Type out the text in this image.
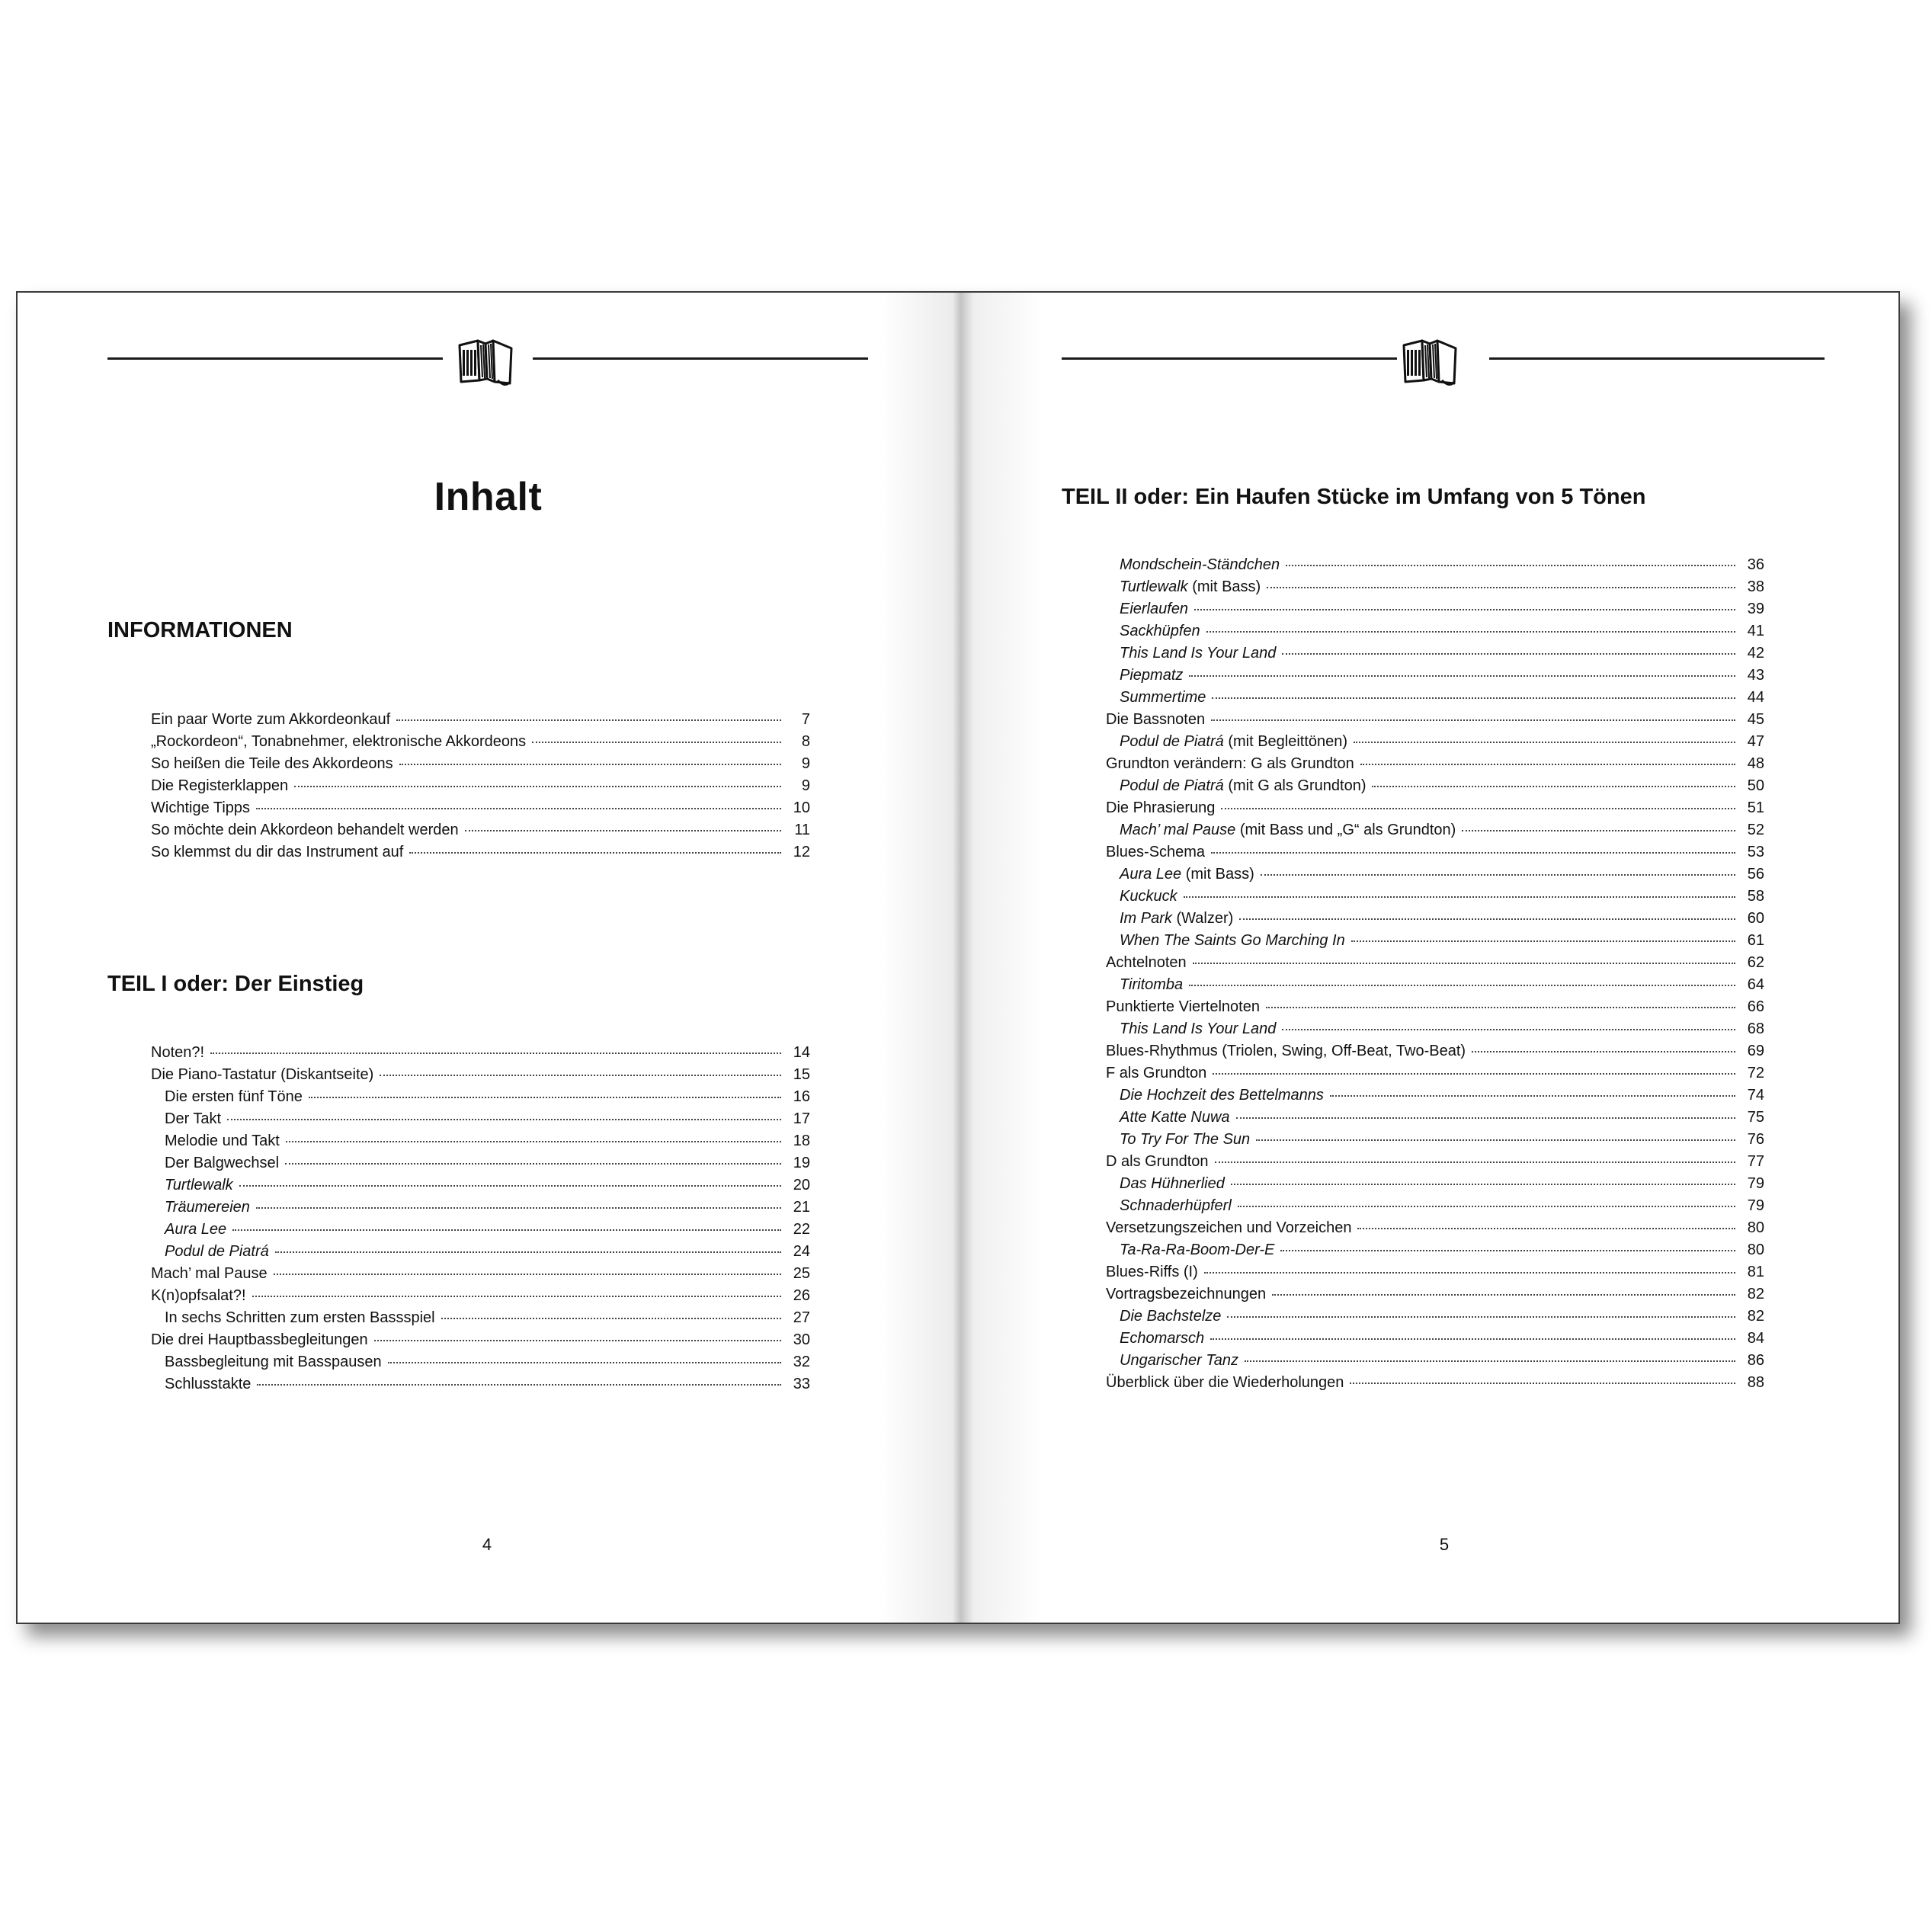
Inhalt
INFORMATIONEN
Ein paar Worte zum Akkordeonkauf	7
„Rockordeon“, Tonabnehmer, elektronische Akkordeons	8
So heißen die Teile des Akkordeons	9
Die Registerklappen	9
Wichtige Tipps	10
So möchte dein Akkordeon behandelt werden	11
So klemmst du dir das Instrument auf	12
TEIL I oder: Der Einstieg
Noten?!	14
Die Piano-Tastatur (Diskantseite)	15
Die ersten fünf Töne	16
Der Takt	17
Melodie und Takt	18
Der Balgwechsel	19
Turtlewalk	20
Träumereien	21
Aura Lee	22
Podul de Piatrá	24
Mach’ mal Pause	25
K(n)opfsalat?!	26
In sechs Schritten zum ersten Bassspiel	27
Die drei Hauptbassbegleitungen	30
Bassbegleitung mit Basspausen	32
Schlusstakte	33
4
TEIL II oder: Ein Haufen Stücke im Umfang von 5 Tönen
Mondschein-Ständchen	36
Turtlewalk (mit Bass)	38
Eierlaufen	39
Sackhüpfen	41
This Land Is Your Land	42
Piepmatz	43
Summertime	44
Die Bassnoten	45
Podul de Piatrá (mit Begleittönen)	47
Grundton verändern: G als Grundton	48
Podul de Piatrá (mit G als Grundton)	50
Die Phrasierung	51
Mach’ mal Pause (mit Bass und „G“ als Grundton)	52
Blues-Schema	53
Aura Lee (mit Bass)	56
Kuckuck	58
Im Park (Walzer)	60
When The Saints Go Marching In	61
Achtelnoten	62
Tiritomba	64
Punktierte Viertelnoten	66
This Land Is Your Land	68
Blues-Rhythmus (Triolen, Swing, Off-Beat, Two-Beat)	69
F als Grundton	72
Die Hochzeit des Bettelmanns	74
Atte Katte Nuwa	75
To Try For The Sun	76
D als Grundton	77
Das Hühnerlied	79
Schnaderhüpferl	79
Versetzungszeichen und Vorzeichen	80
Ta-Ra-Ra-Boom-Der-E	80
Blues-Riffs (I)	81
Vortragsbezeichnungen	82
Die Bachstelze	82
Echomarsch	84
Ungarischer Tanz	86
Überblick über die Wiederholungen	88
5
